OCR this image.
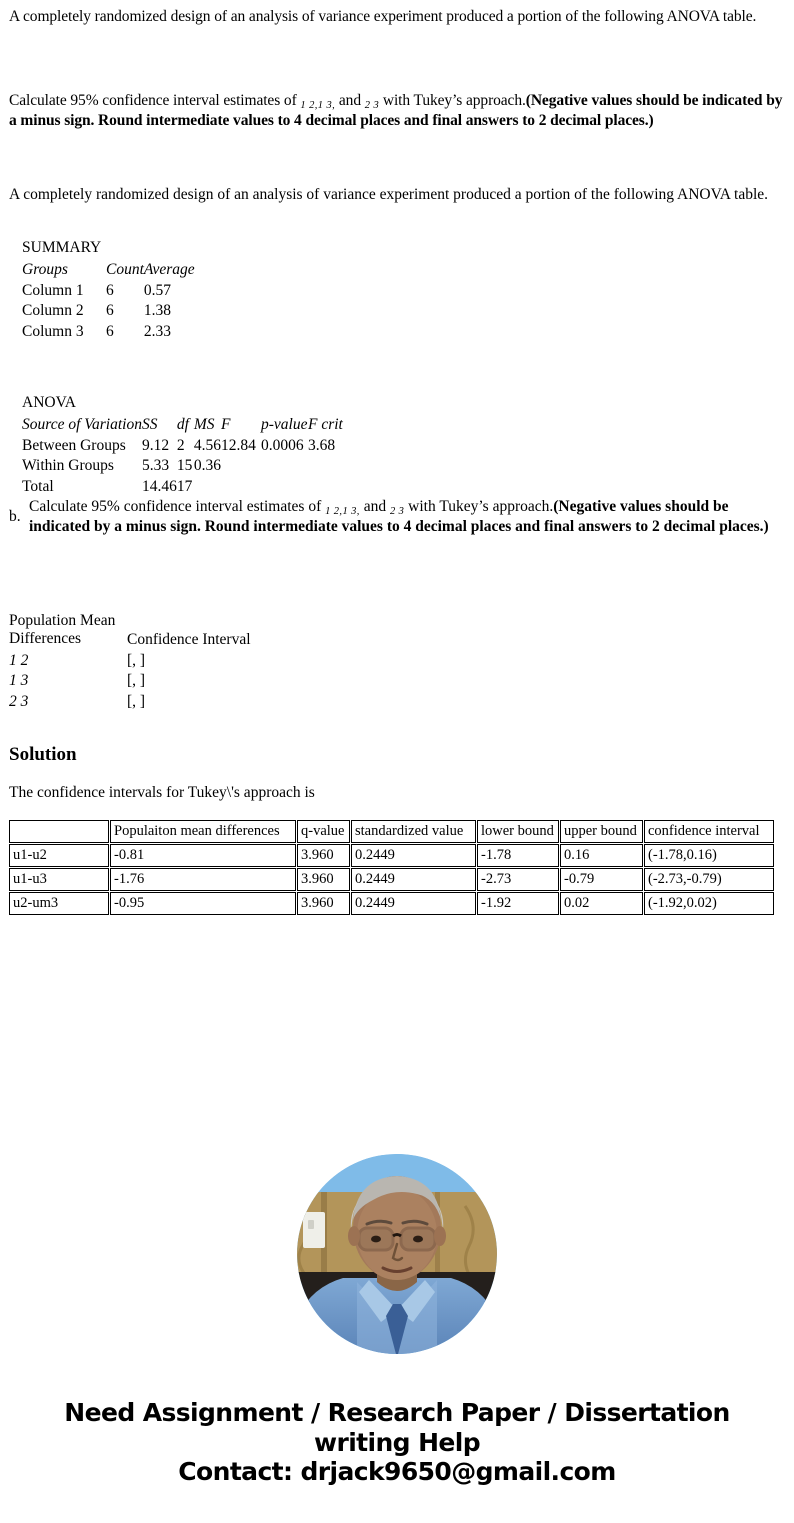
A completely randomized design of an analysis of variance experiment produced a portion of the following ANOVA table.
Calculate 95% confidence interval estimates of $_{1 2,1 3,}$ and $_{2 3}$ with Tukey’s approach.(Negative values should be indicated by a minus sign. Round intermediate values to 4 decimal places and final answers to 2 decimal places.)
A completely randomized design of an analysis of variance experiment produced a portion of the following ANOVA table.
SUMMARY
Groups	Count	Average
Column 1	6	0.57
Column 2	6	1.38
Column 3	6	2.33
ANOVA
Source of Variation	SS	df	MS	F	p-value	F crit
Between Groups	9.12	2	4.56	12.84	0.0006	3.68
Within Groups	5.33	15	0.36			
Total	14.46	17				
b.
Calculate 95% confidence interval estimates of $_{1 2,1 3,}$ and $_{2 3}$ with Tukey’s approach.(Negative values should be indicated by a minus sign. Round intermediate values to 4 decimal places and final answers to 2 decimal places.)
Population Mean
Differences	Confidence Interval
1 2	[, ]
1 3	[, ]
2 3	[, ]
Solution
The confidence intervals for Tukey\'s approach is
	Populaiton mean differences	q-value	standardized value	lower bound	upper bound	confidence interval
u1-u2	-0.81	3.960	0.2449	-1.78	0.16	(-1.78,0.16)
u1-u3	-1.76	3.960	0.2449	-2.73	-0.79	(-2.73,-0.79)
u2-um3	-0.95	3.960	0.2449	-1.92	0.02	(-1.92,0.02)
Need Assignment / Research Paper / Dissertation
writing Help
Contact: drjack9650@gmail.com
